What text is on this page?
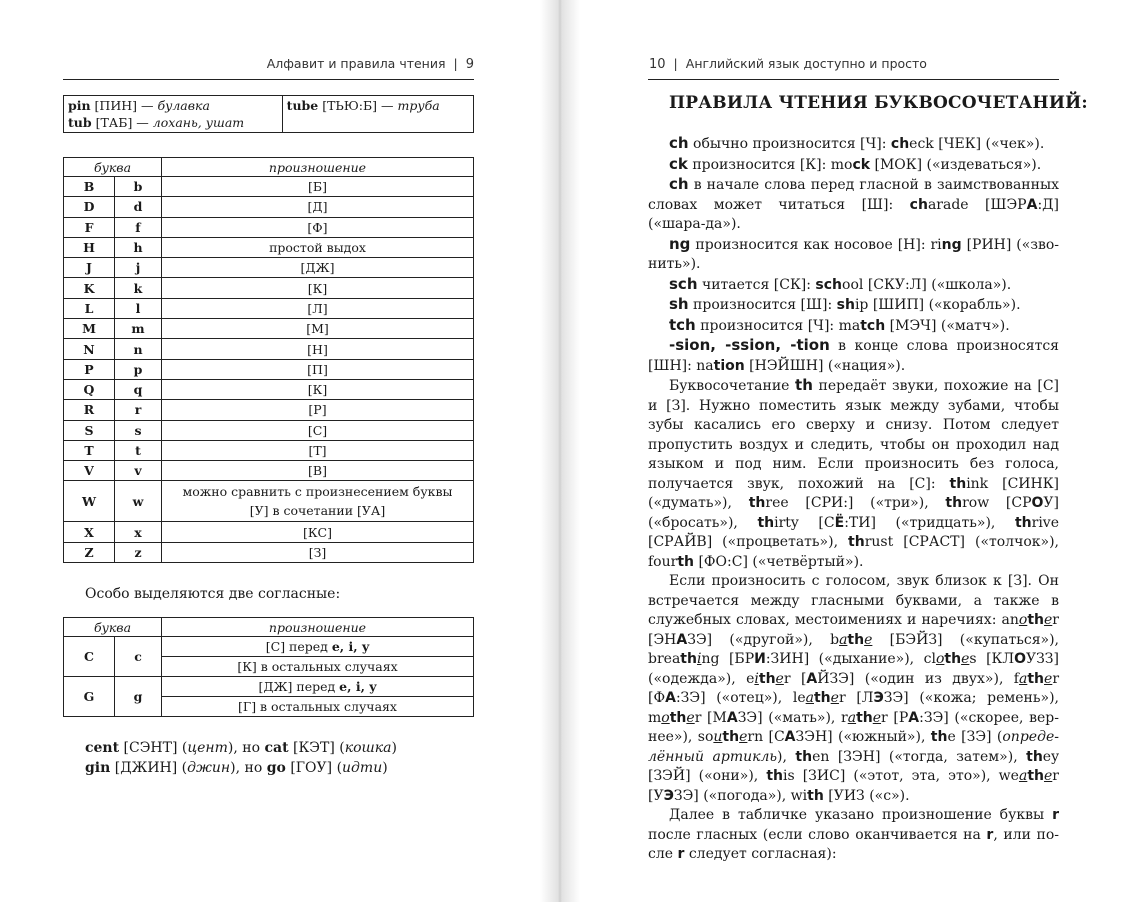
Алфавит и правила чтения | 9
pin [ПИН] — булавка
tub [ТАБ] — лохань, ушат
	tube [ТЬЮ:Б] — труба
буква		произношение
B	b	[Б]
D	d	[Д]
F	f	[Ф]
H	h	простой выдох
J	j	[ДЖ]
K	k	[К]
L	l	[Л]
M	m	[М]
N	n	[Н]
P	p	[П]
Q	q	[К]
R	r	[Р]
S	s	[С]
T	t	[Т]
V	v	[В]
W	w	можно сравнить с произнесением буквы
[У] в сочетании [УА]

X	x	[КС]
Z	z	[З]
Особо выделяются две согласные:
буква		произношение
C	c	[С] перед e, i, y
		[К] в остальных случаях
G	g	[ДЖ] перед e, i, y
		[Г] в остальных случаях
cent [СЭНТ] (цент), но cat [КЭТ] (кошка)
gin [ДЖИН] (джин), но go [ГОУ] (идти)
10 | Английский язык доступно и просто
ПРАВИЛА ЧТЕНИЯ БУКВОСОЧЕТАНИЙ:

ch обычно произносится [Ч]: check [ЧЕК] («чек»).

ck произносится [К]: mock [МОК] («издеваться»).

ch в начале слова перед гласной в заимствованных словах может читаться [Ш]: charade [ШЭРА:Д] («шара-да»).

ng произносится как носовое [Н]: ring [РИН] («зво-нить»).

sch читается [СК]: school [СКУ:Л] («школа»).

sh произносится [Ш]: ship [ШИП] («корабль»).

tch произносится [Ч]: match [МЭЧ] («матч»).

-sion, -ssion, -tion в конце слова произносятся [ШН]: nation [НЭЙШН] («нация»).

Буквосочетание th передаёт звуки, похожие на [С] и [З]. Нужно поместить язык между зубами, чтобы зубы касались его сверху и снизу. Потом следует пропустить воздух и следить, чтобы он проходил над языком и под ним. Если произносить без голоса, получается звук, похожий на [С]: think [СИНК] («думать»), three [СРИ:] («три»), throw [СРОУ] («бросать»), thirty [СЁ:ТИ] («тридцать»), thrive [СРАЙВ] («процветать»), thrust [СРАСТ] («толчок»), fourth [ФО:С] («четвёртый»).

Если произносить с голосом, звук близок к [З]. Он встречается между гласными буквами, а также в служебных словах, местоимениях и наречиях: another [ЭНАЗЭ] («другой»), bathe [БЭЙЗ] («купаться»), breathing [БРИ:ЗИН] («дыхание»), clothes [КЛОУЗЗ] («одежда»), either [АЙЗЭ] («один из двух»), father [ФА:ЗЭ] («отец»), leather [ЛЭЗЭ] («кожа; ремень»), mother [МАЗЭ] («мать»), rather [РА:ЗЭ] («скорее, вер-нее»), southern [САЗЭН] («южный»), the [ЗЭ] (опреде-лённый артикль), then [ЗЭН] («тогда, затем»), they [ЗЭЙ] («они»), this [ЗИС] («этот, эта, это»), weather [УЭЗЭ] («погода»), with [УИЗ («с»).

Далее в табличке указано произношение буквы r после гласных (если слово оканчивается на r, или по-сле r следует согласная):
